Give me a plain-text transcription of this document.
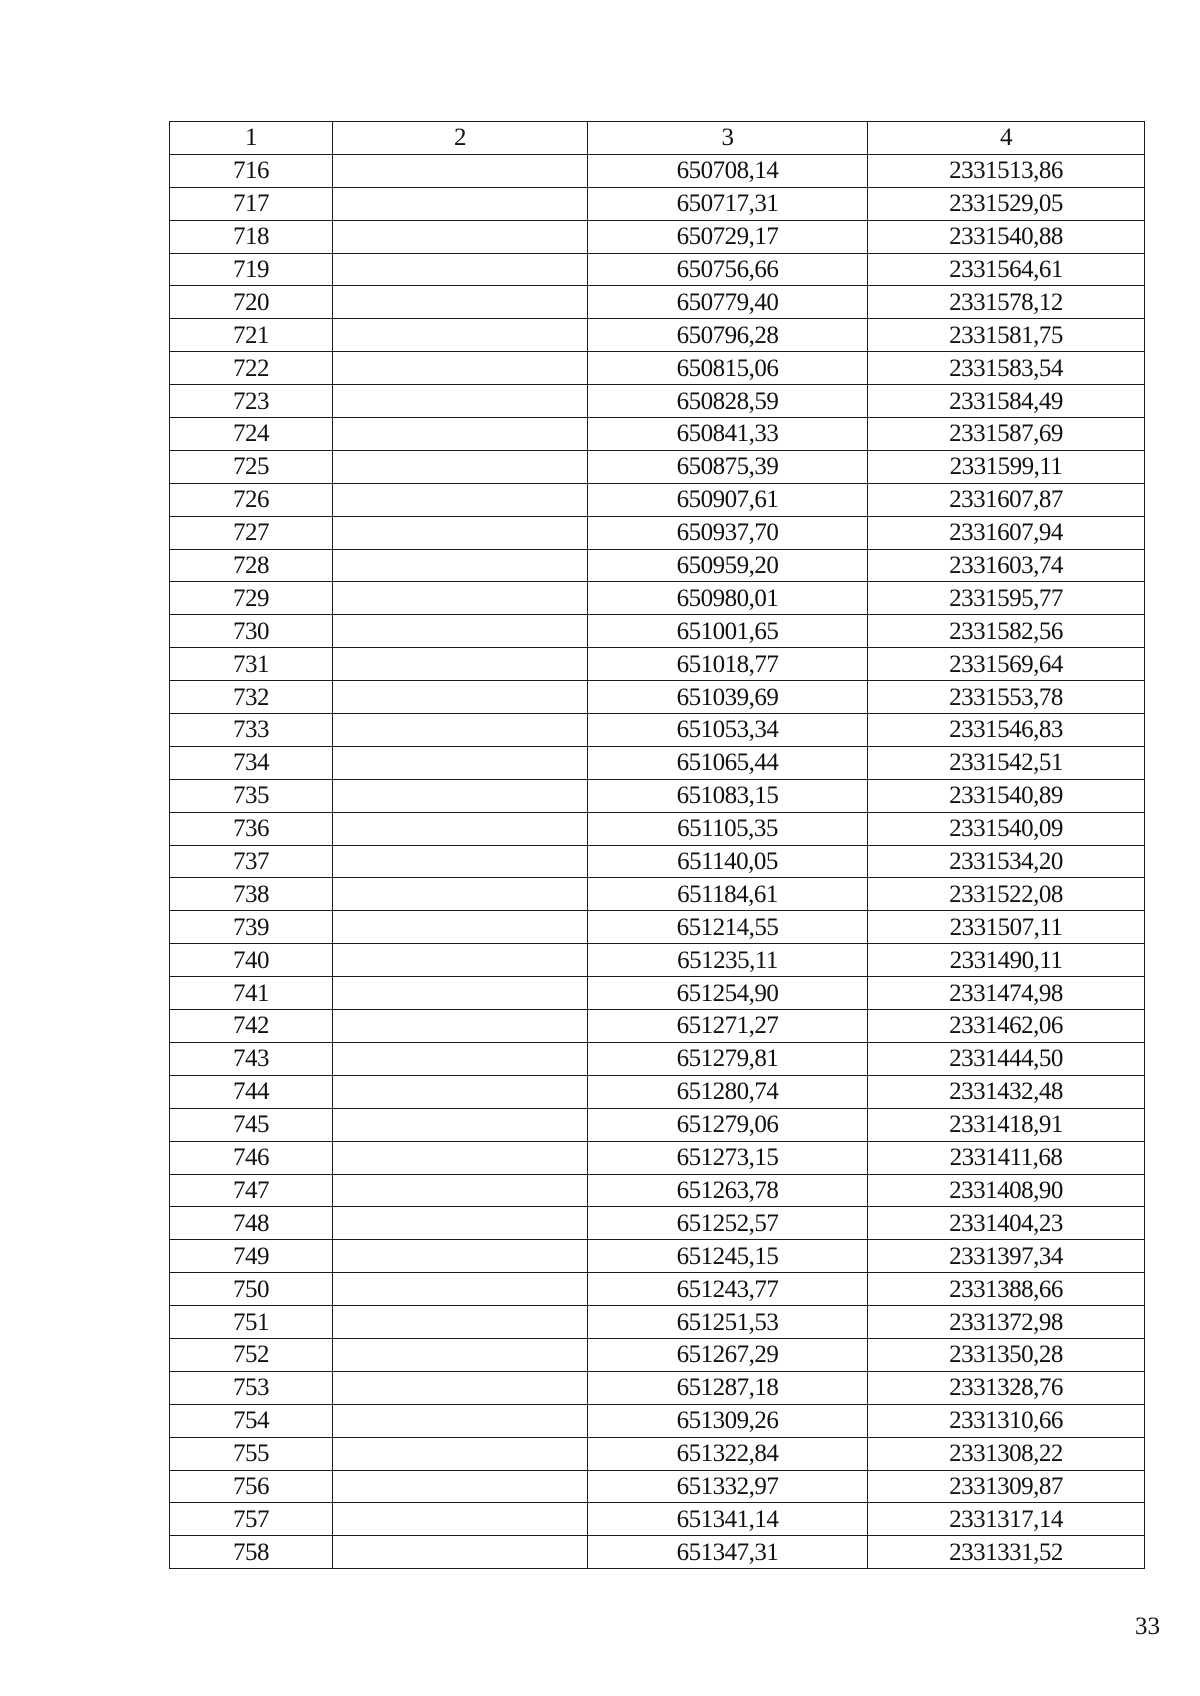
1	2	3	4
716		650708,14	2331513,86
717		650717,31	2331529,05
718		650729,17	2331540,88
719		650756,66	2331564,61
720		650779,40	2331578,12
721		650796,28	2331581,75
722		650815,06	2331583,54
723		650828,59	2331584,49
724		650841,33	2331587,69
725		650875,39	2331599,11
726		650907,61	2331607,87
727		650937,70	2331607,94
728		650959,20	2331603,74
729		650980,01	2331595,77
730		651001,65	2331582,56
731		651018,77	2331569,64
732		651039,69	2331553,78
733		651053,34	2331546,83
734		651065,44	2331542,51
735		651083,15	2331540,89
736		651105,35	2331540,09
737		651140,05	2331534,20
738		651184,61	2331522,08
739		651214,55	2331507,11
740		651235,11	2331490,11
741		651254,90	2331474,98
742		651271,27	2331462,06
743		651279,81	2331444,50
744		651280,74	2331432,48
745		651279,06	2331418,91
746		651273,15	2331411,68
747		651263,78	2331408,90
748		651252,57	2331404,23
749		651245,15	2331397,34
750		651243,77	2331388,66
751		651251,53	2331372,98
752		651267,29	2331350,28
753		651287,18	2331328,76
754		651309,26	2331310,66
755		651322,84	2331308,22
756		651332,97	2331309,87
757		651341,14	2331317,14
758		651347,31	2331331,52
33
